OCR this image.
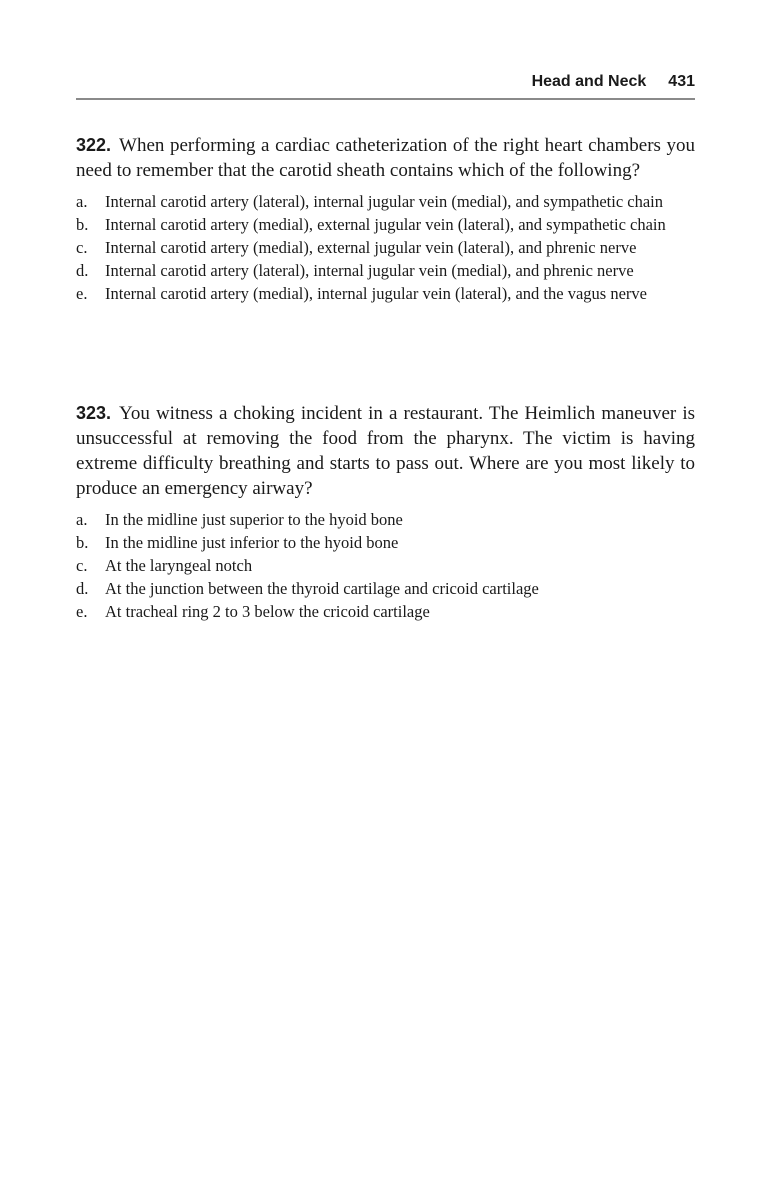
Head and Neck 431

322. When performing a cardiac catheterization of the right heart chambers you need to remember that the carotid sheath contains which of the following?

a. Internal carotid artery (lateral), internal jugular vein (medial), and sympathetic chain
b. Internal carotid artery (medial), external jugular vein (lateral), and sympathetic chain
c. Internal carotid artery (medial), external jugular vein (lateral), and phrenic nerve
d. Internal carotid artery (lateral), internal jugular vein (medial), and phrenic nerve
e. Internal carotid artery (medial), internal jugular vein (lateral), and the vagus nerve

323. You witness a choking incident in a restaurant. The Heimlich maneuver is unsuccessful at removing the food from the pharynx. The victim is having extreme difficulty breathing and starts to pass out. Where are you most likely to produce an emergency airway?

a. In the midline just superior to the hyoid bone
b. In the midline just inferior to the hyoid bone
c. At the laryngeal notch
d. At the junction between the thyroid cartilage and cricoid cartilage
e. At tracheal ring 2 to 3 below the cricoid cartilage
